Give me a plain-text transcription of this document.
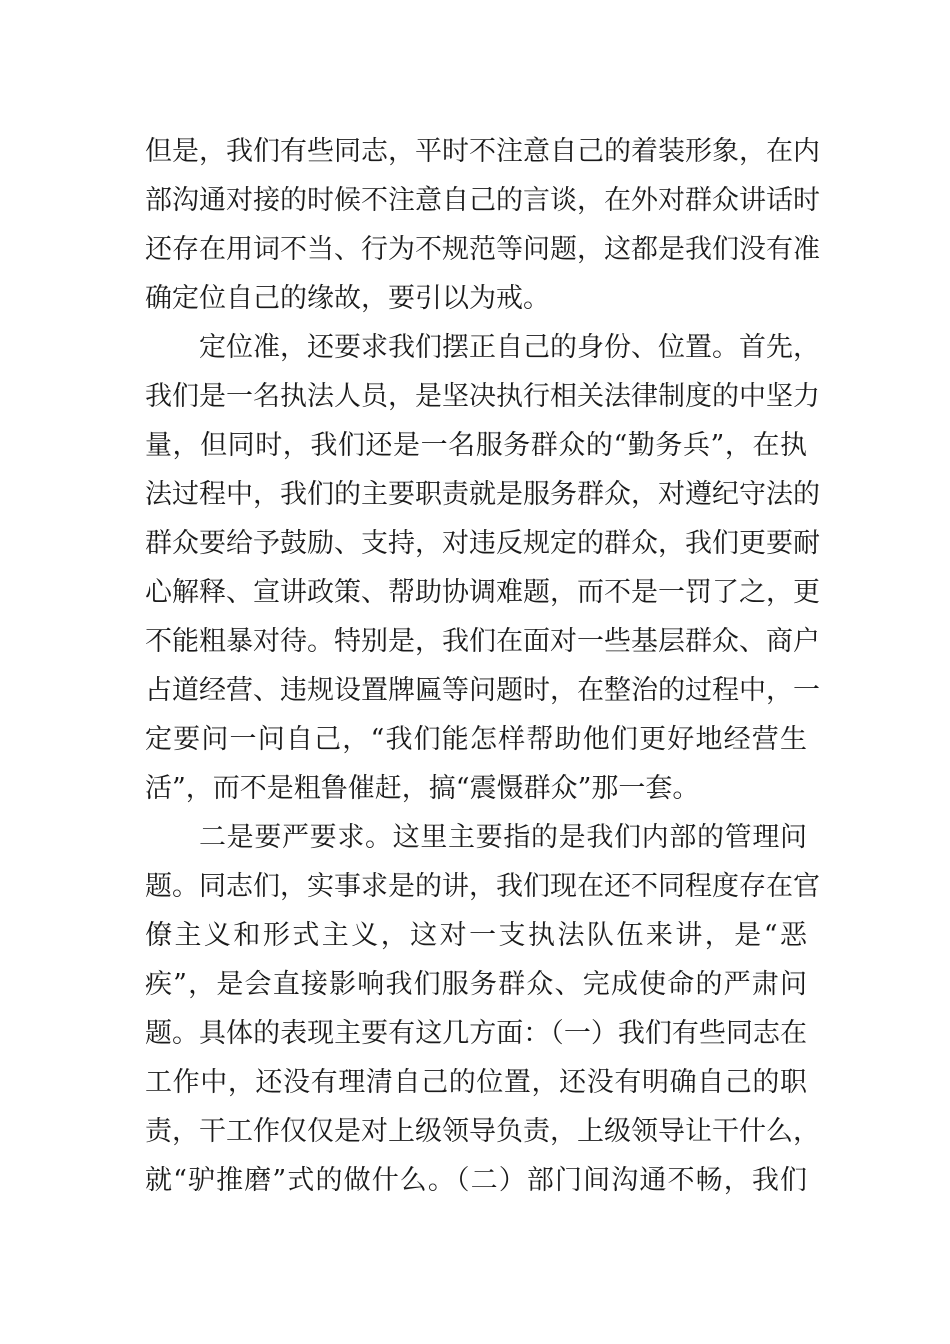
但是，我们有些同志，平时不注意自己的着装形象，在内
部沟通对接的时候不注意自己的言谈，在外对群众讲话时
还存在用词不当、行为不规范等问题，这都是我们没有准
确定位自己的缘故，要引以为戒。
定位准，还要求我们摆正自己的身份、位置。首先，
我们是一名执法人员，是坚决执行相关法律制度的中坚力
量，但同时，我们还是一名服务群众的“勤务兵”，在执
法过程中，我们的主要职责就是服务群众，对遵纪守法的
群众要给予鼓励、支持，对违反规定的群众，我们更要耐
心解释、宣讲政策、帮助协调难题，而不是一罚了之，更
不能粗暴对待。特别是，我们在面对一些基层群众、商户
占道经营、违规设置牌匾等问题时，在整治的过程中，一
定要问一问自己，“我们能怎样帮助他们更好地经营生
活”，而不是粗鲁催赶，搞“震慑群众”那一套。
二是要严要求。这里主要指的是我们内部的管理问
题。同志们，实事求是的讲，我们现在还不同程度存在官
僚主义和形式主义，这对一支执法队伍来讲，是“恶
疾”，是会直接影响我们服务群众、完成使命的严肃问
题。具体的表现主要有这几方面：（一）我们有些同志在
工作中，还没有理清自己的位置，还没有明确自己的职
责，干工作仅仅是对上级领导负责，上级领导让干什么，
就“驴推磨”式的做什么。（二）部门间沟通不畅，我们
